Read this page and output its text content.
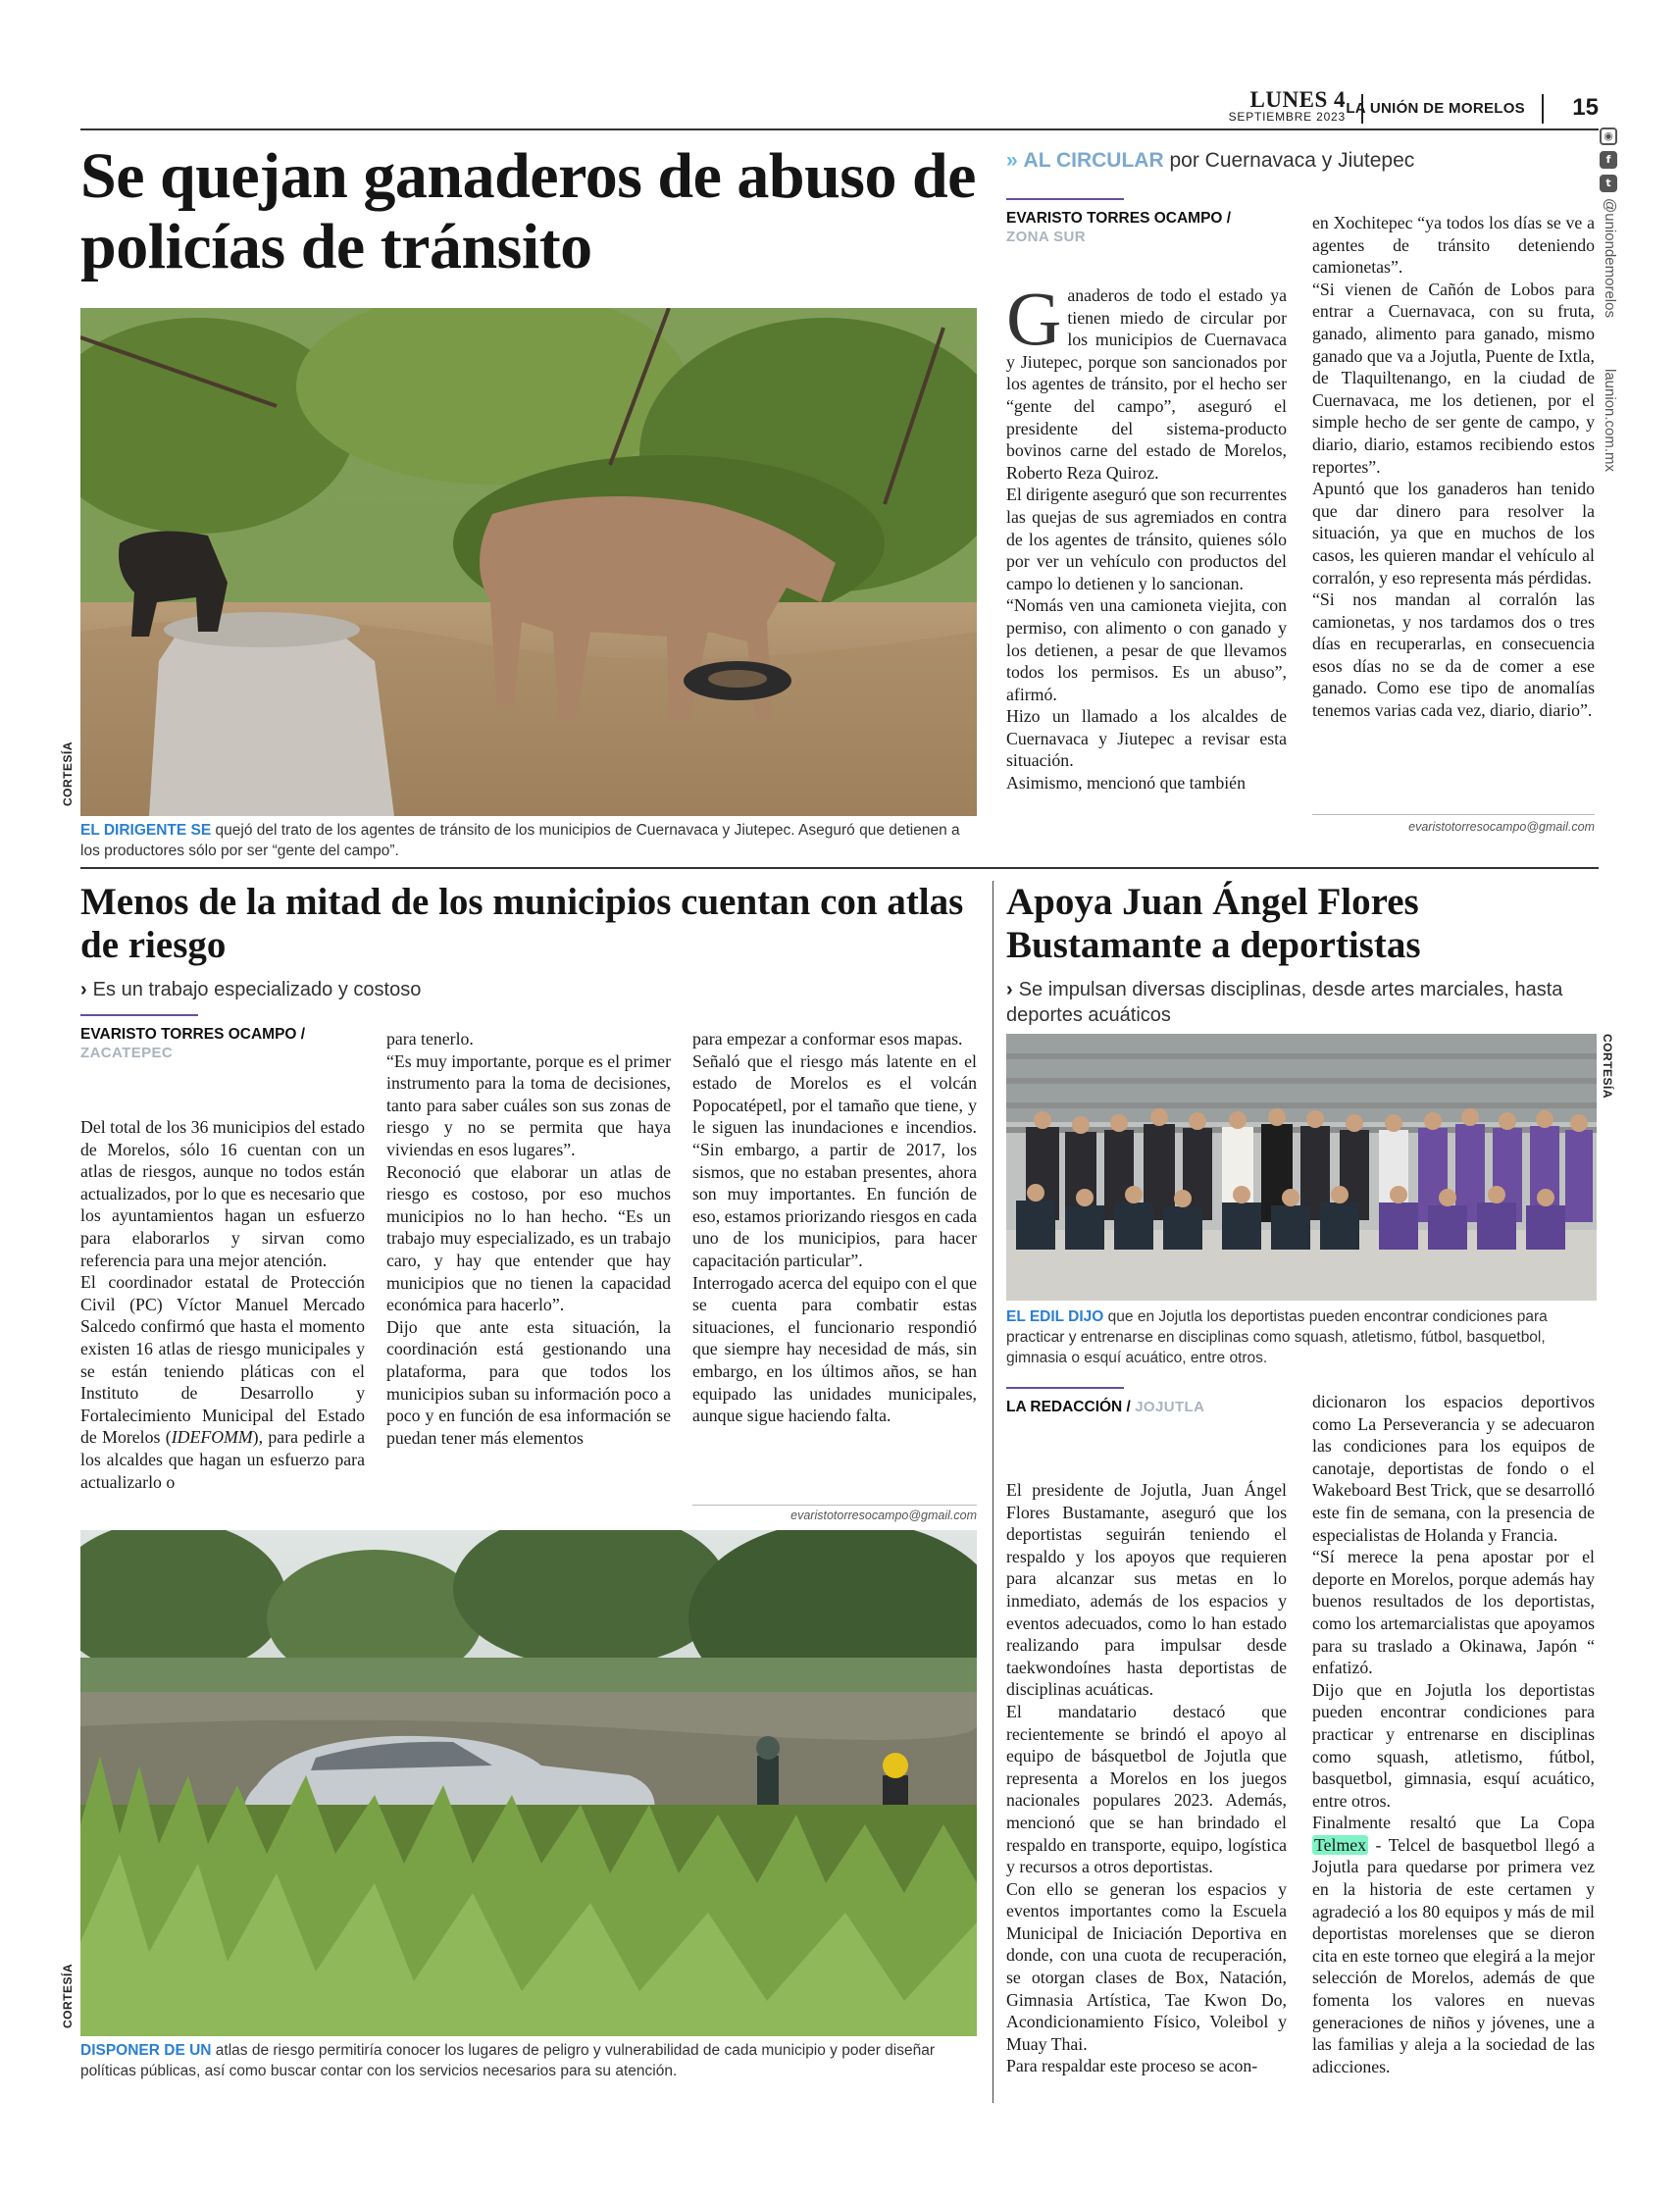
LUNES 4
SEPTIEMBRE 2023 LA UNIÓN DE MORELOS 15
◉
f
t
@uniondemorelos
launion.com.mx
Se quejan ganaderos de abuso de policías de tránsito
» AL CIRCULAR por Cuernavaca y Jiutepec
CORTESÍA
EL DIRIGENTE SE quejó del trato de los agentes de tránsito de los municipios de Cuernavaca y Jiutepec. Aseguró que detienen a los productores sólo por ser “gente del campo”.
EVARISTO TORRES OCAMPO /
ZONA SUR

Ganaderos de todo el estado ya tienen miedo de circular por los municipios de Cuernavaca y Jiutepec, porque son sancionados por los agentes de tránsito, por el hecho ser “gente del campo”, aseguró el presidente del sistema-producto bovinos carne del estado de Morelos, Roberto Reza Quiroz.

El dirigente aseguró que son recurrentes las quejas de sus agremiados en contra de los agentes de tránsito, quienes sólo por ver un vehículo con productos del campo lo detienen y lo sancionan.

“Nomás ven una camioneta viejita, con permiso, con alimento o con ganado y los detienen, a pesar de que llevamos todos los permisos. Es un abuso”, afirmó.

Hizo un llamado a los alcaldes de Cuernavaca y Jiutepec a revisar esta situación.

Asimismo, mencionó que también

en Xochitepec “ya todos los días se ve a agentes de tránsito deteniendo camionetas”.

“Si vienen de Cañón de Lobos para entrar a Cuernavaca, con su fruta, ganado, alimento para ganado, mismo ganado que va a Jojutla, Puente de Ixtla, de Tlaquiltenango, en la ciudad de Cuernavaca, me los detienen, por el simple hecho de ser gente de campo, y diario, diario, estamos recibiendo estos reportes”.

Apuntó que los ganaderos han tenido que dar dinero para resolver la situación, ya que en muchos de los casos, les quieren mandar el vehículo al corralón, y eso representa más pérdidas.

“Si nos mandan al corralón las camionetas, y nos tardamos dos o tres días en recuperarlas, en consecuencia esos días no se da de comer a ese ganado. Como ese tipo de anomalías tenemos varias cada vez, diario, diario”.

evaristotorresocampo@gmail.com
Menos de la mitad de los municipios cuentan con atlas de riesgo
› Es un trabajo especializado y costoso
EVARISTO TORRES OCAMPO /
ZACATEPEC

Del total de los 36 municipios del estado de Morelos, sólo 16 cuentan con un atlas de riesgos, aunque no todos están actualizados, por lo que es necesario que los ayuntamientos hagan un esfuerzo para elaborarlos y sirvan como referencia para una mejor atención.

El coordinador estatal de Protección Civil (PC) Víctor Manuel Mercado Salcedo confirmó que hasta el momento existen 16 atlas de riesgo municipales y se están teniendo pláticas con el Instituto de Desarrollo y Fortalecimiento Municipal del Estado de Morelos (IDEFOMM), para pedirle a los alcaldes que hagan un esfuerzo para actualizarlo o

para tenerlo.

“Es muy importante, porque es el primer instrumento para la toma de decisiones, tanto para saber cuáles son sus zonas de riesgo y no se permita que haya viviendas en esos lugares”.

Reconoció que elaborar un atlas de riesgo es costoso, por eso muchos municipios no lo han hecho. “Es un trabajo muy especializado, es un trabajo caro, y hay que entender que hay municipios que no tienen la capacidad económica para hacerlo”.

Dijo que ante esta situación, la coordinación está gestionando una plataforma, para que todos los municipios suban su información poco a poco y en función de esa información se puedan tener más elementos

para empezar a conformar esos mapas.

Señaló que el riesgo más latente en el estado de Morelos es el volcán Popocatépetl, por el tamaño que tiene, y le siguen las inundaciones e incendios. “Sin embargo, a partir de 2017, los sismos, que no estaban presentes, ahora son muy importantes. En función de eso, estamos priorizando riesgos en cada uno de los municipios, para hacer capacitación particular”.

Interrogado acerca del equipo con el que se cuenta para combatir estas situaciones, el funcionario respondió que siempre hay necesidad de más, sin embargo, en los últimos años, se han equipado las unidades municipales, aunque sigue haciendo falta.

evaristotorresocampo@gmail.com
CORTESÍA
DISPONER DE UN atlas de riesgo permitiría conocer los lugares de peligro y vulnerabilidad de cada municipio y poder diseñar políticas públicas, así como buscar contar con los servicios necesarios para su atención.
Apoya Juan Ángel Flores Bustamante a deportistas
› Se impulsan diversas disciplinas, desde artes marciales, hasta deportes acuáticos
CORTESÍA
EL EDIL DIJO que en Jojutla los deportistas pueden encontrar condiciones para practicar y entrenarse en disciplinas como squash, atletismo, fútbol, basquetbol, gimnasia o esquí acuático, entre otros.
LA REDACCIÓN / JOJUTLA

El presidente de Jojutla, Juan Ángel Flores Bustamante, aseguró que los deportistas seguirán teniendo el respaldo y los apoyos que requieren para alcanzar sus metas en lo inmediato, además de los espacios y eventos adecuados, como lo han estado realizando para impulsar desde taekwondoínes hasta deportistas de disciplinas acuáticas.

El mandatario destacó que recientemente se brindó el apoyo al equipo de básquetbol de Jojutla que representa a Morelos en los juegos nacionales populares 2023. Además, mencionó que se han brindado el respaldo en transporte, equipo, logística y recursos a otros deportistas.

Con ello se generan los espacios y eventos importantes como la Escuela Municipal de Iniciación Deportiva en donde, con una cuota de recuperación, se otorgan clases de Box, Natación, Gimnasia Artística, Tae Kwon Do, Acondicionamiento Físico, Voleibol y Muay Thai.

Para respaldar este proceso se acon-

dicionaron los espacios deportivos como La Perseverancia y se adecuaron las condiciones para los equipos de canotaje, deportistas de fondo o el Wakeboard Best Trick, que se desarrolló este fin de semana, con la presencia de especialistas de Holanda y Francia.

“Sí merece la pena apostar por el deporte en Morelos, porque además hay buenos resultados de los deportistas, como los artemarcialistas que apoyamos para su traslado a Okinawa, Japón “ enfatizó.

Dijo que en Jojutla los deportistas pueden encontrar condiciones para practicar y entrenarse en disciplinas como squash, atletismo, fútbol, basquetbol, gimnasia, esquí acuático, entre otros.

Finalmente resaltó que La Copa Telmex - Telcel de basquetbol llegó a Jojutla para quedarse por primera vez en la historia de este certamen y agradeció a los 80 equipos y más de mil deportistas morelenses que se dieron cita en este torneo que elegirá a la mejor selección de Morelos, además de que fomenta los valores en nuevas generaciones de niños y jóvenes, une a las familias y aleja a la sociedad de las adicciones.
